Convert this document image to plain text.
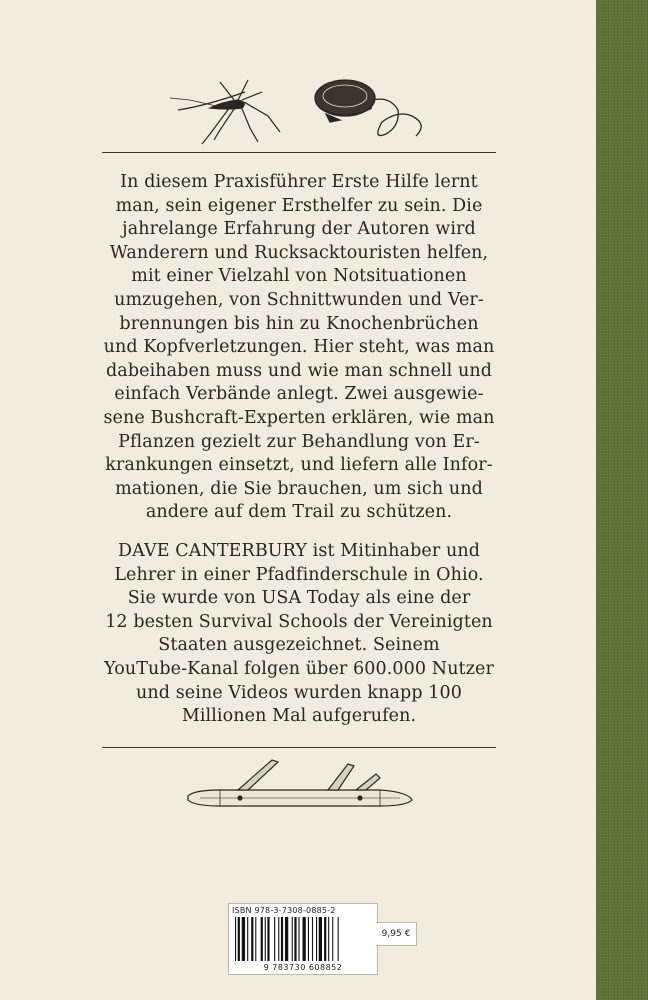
In diesem Praxisführer Erste Hilfe lernt
man, sein eigener Ersthelfer zu sein. Die
jahrelange Erfahrung der Autoren wird
Wanderern und Rucksacktouristen helfen,
mit einer Vielzahl von Notsituationen
umzugehen, von Schnittwunden und Ver-
brennungen bis hin zu Knochenbrüchen
und Kopfverletzungen. Hier steht, was man
dabeihaben muss und wie man schnell und
einfach Verbände anlegt. Zwei ausgewie-
sene Bushcraft-Experten erklären, wie man
Pflanzen gezielt zur Behandlung von Er-
krankungen einsetzt, und liefern alle Infor-
mationen, die Sie brauchen, um sich und
andere auf dem Trail zu schützen.
DAVE CANTERBURY ist Mitinhaber und
Lehrer in einer Pfadfinderschule in Ohio.
Sie wurde von USA Today als eine der
12 besten Survival Schools der Vereinigten
Staaten ausgezeichnet. Seinem
YouTube-Kanal folgen über 600.000 Nutzer
und seine Videos wurden knapp 100
Millionen Mal aufgerufen.
ISBN 978-3-7308-0885-2
9 783730 608852
9,95 €
